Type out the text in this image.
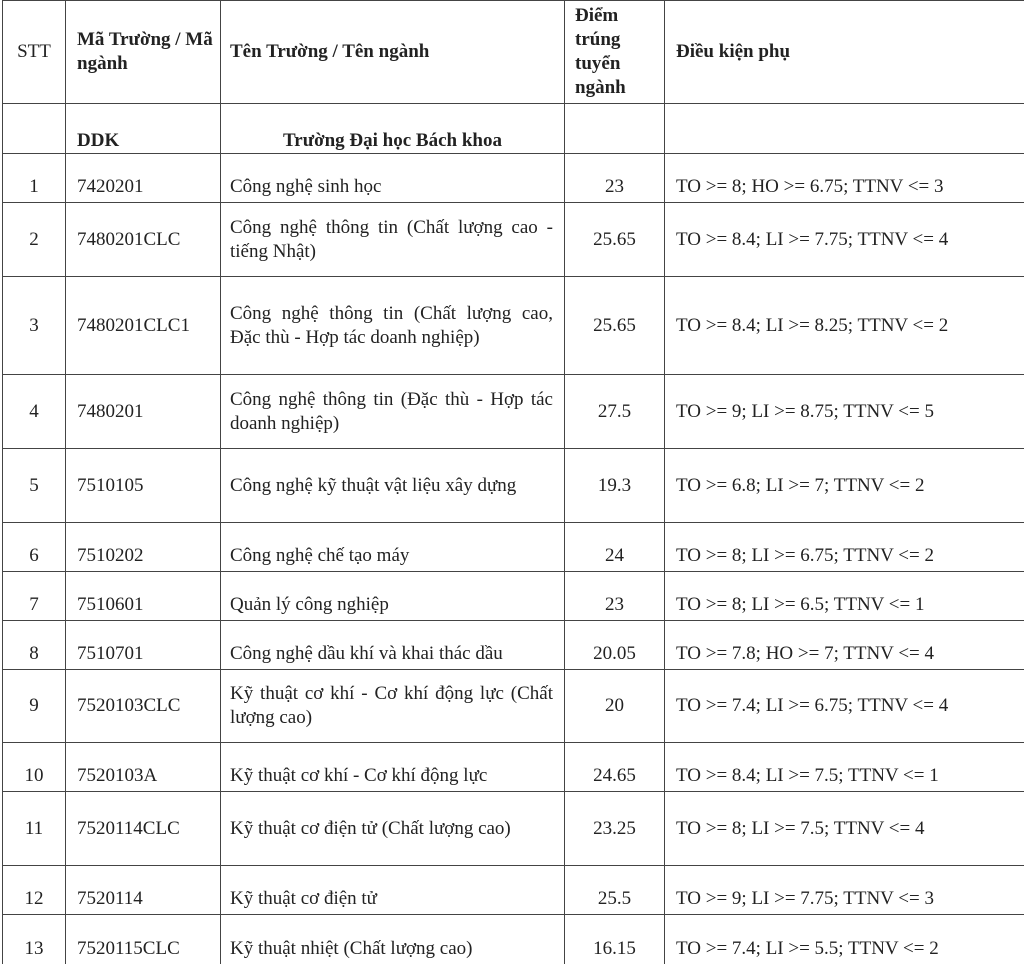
STT	Mã Trường / Mã ngành	Tên Trường / Tên ngành	Điểm trúng tuyển ngành	Điều kiện phụ
	DDK	Trường Đại học Bách khoa		
1	7420201	Công nghệ sinh học	23	TO >= 8; HO >= 6.75; TTNV <= 3
2	7480201CLC	Công nghệ thông tin (Chất lượng cao - tiếng Nhật)	25.65	TO >= 8.4; LI >= 7.75; TTNV <= 4
3	7480201CLC1	Công nghệ thông tin (Chất lượng cao, Đặc thù - Hợp tác doanh nghiệp)	25.65	TO >= 8.4; LI >= 8.25; TTNV <= 2
4	7480201	Công nghệ thông tin (Đặc thù - Hợp tác doanh nghiệp)	27.5	TO >= 9; LI >= 8.75; TTNV <= 5
5	7510105	Công nghệ kỹ thuật vật liệu xây dựng	19.3	TO >= 6.8; LI >= 7; TTNV <= 2
6	7510202	Công nghệ chế tạo máy	24	TO >= 8; LI >= 6.75; TTNV <= 2
7	7510601	Quản lý công nghiệp	23	TO >= 8; LI >= 6.5; TTNV <= 1
8	7510701	Công nghệ dầu khí và khai thác dầu	20.05	TO >= 7.8; HO >= 7; TTNV <= 4
9	7520103CLC	Kỹ thuật cơ khí - Cơ khí động lực (Chất lượng cao)	20	TO >= 7.4; LI >= 6.75; TTNV <= 4
10	7520103A	Kỹ thuật cơ khí - Cơ khí động lực	24.65	TO >= 8.4; LI >= 7.5; TTNV <= 1
11	7520114CLC	Kỹ thuật cơ điện tử (Chất lượng cao)	23.25	TO >= 8; LI >= 7.5; TTNV <= 4
12	7520114	Kỹ thuật cơ điện tử	25.5	TO >= 9; LI >= 7.75; TTNV <= 3
13	7520115CLC	Kỹ thuật nhiệt (Chất lượng cao)	16.15	TO >= 7.4; LI >= 5.5; TTNV <= 2
